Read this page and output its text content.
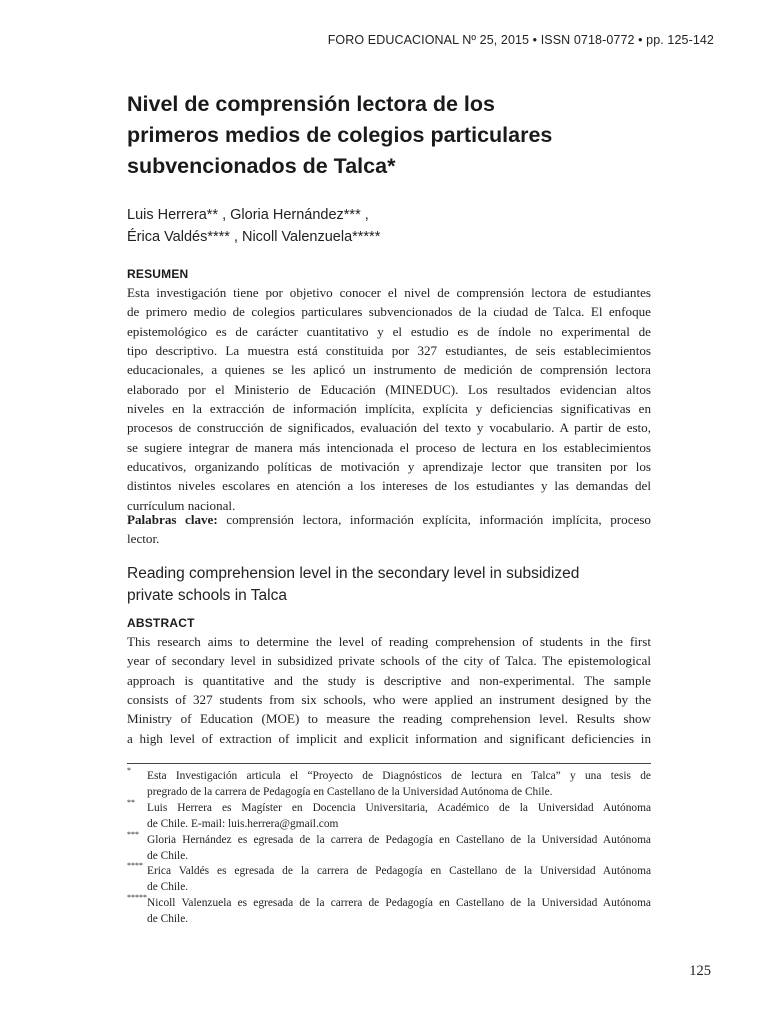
FORO EDUCACIONAL Nº 25, 2015 • ISSN 0718-0772 • pp. 125-142
Nivel de comprensión lectora de los
primeros medios de colegios particulares
subvencionados de Talca*
Luis Herrera** , Gloria Hernández*** ,
Érica Valdés**** , Nicoll Valenzuela*****
RESUMEN
Esta investigación tiene por objetivo conocer el nivel de comprensión lectora de estudiantes
de primero medio de colegios particulares subvencionados de la ciudad de Talca. El enfoque
epistemológico es de carácter cuantitativo y el estudio es de índole no experimental de
tipo descriptivo. La muestra está constituida por 327 estudiantes, de seis establecimientos
educacionales, a quienes se les aplicó un instrumento de medición de comprensión lectora
elaborado por el Ministerio de Educación (MINEDUC). Los resultados evidencian altos
niveles en la extracción de información implícita, explícita y deficiencias significativas en
procesos de construcción de significados, evaluación del texto y vocabulario. A partir de esto,
se sugiere integrar de manera más intencionada el proceso de lectura en los establecimientos
educativos, organizando políticas de motivación y aprendizaje lector que transiten por los
distintos niveles escolares en atención a los intereses de los estudiantes y las demandas del
currículum nacional.
Palabras clave: comprensión lectora, información explícita, información implícita, proceso
lector.
Reading comprehension level in the secondary level in subsidized
private schools in Talca
ABSTRACT
This research aims to determine the level of reading comprehension of students in the first
year of secondary level in subsidized private schools of the city of Talca. The epistemological
approach is quantitative and the study is descriptive and non-experimental. The sample
consists of 327 students from six schools, who were applied an instrument designed by the
Ministry of Education (MOE) to measure the reading comprehension level. Results show
a high level of extraction of implicit and explicit information and significant deficiencies in
* Esta Investigación articula el “Proyecto de Diagnósticos de lectura en Talca” y una tesis de
pregrado de la carrera de Pedagogía en Castellano de la Universidad Autónoma de Chile.
** Luis Herrera es Magíster en Docencia Universitaria, Académico de la Universidad Autónoma
de Chile. E-mail: luis.herrera@gmail.com
*** Gloria Hernández es egresada de la carrera de Pedagogía en Castellano de la Universidad Autónoma
de Chile.
**** Erica Valdés es egresada de la carrera de Pedagogía en Castellano de la Universidad Autónoma
de Chile.
***** Nicoll Valenzuela es egresada de la carrera de Pedagogía en Castellano de la Universidad Autónoma
de Chile.
125
